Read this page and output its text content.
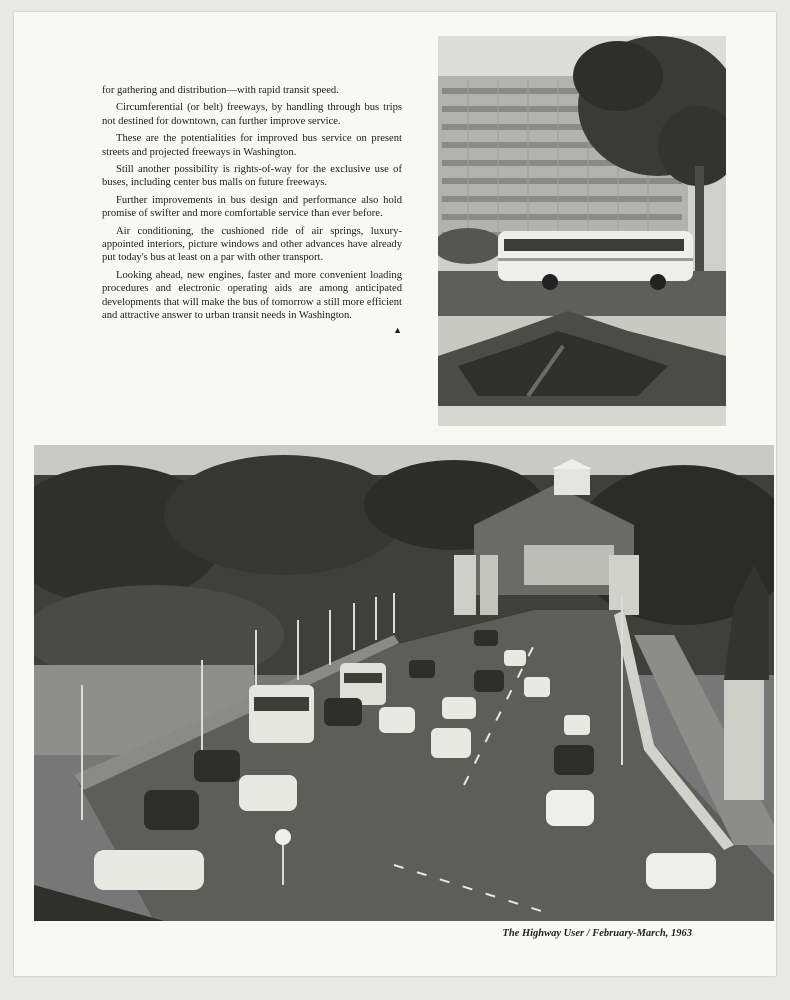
for gathering and distribution—with rapid transit speed.

Circumferential (or belt) freeways, by handling through bus trips not destined for downtown, can further improve service.

These are the potentialities for improved bus service on present streets and projected freeways in Washington.

Still another possibility is rights-of-way for the exclusive use of buses, including center bus malls on future freeways.

Further improvements in bus design and performance also hold promise of swifter and more comfortable service than ever before.

Air conditioning, the cushioned ride of air springs, luxury-appointed interiors, picture windows and other advances have already put today's bus at least on a par with other transport.

Looking ahead, new engines, faster and more convenient loading procedures and electronic operating aids are among anticipated developments that will make the bus of tomorrow a still more efficient and attractive answer to urban transit needs in Washington.

▲
The Highway User / February-March, 1963
